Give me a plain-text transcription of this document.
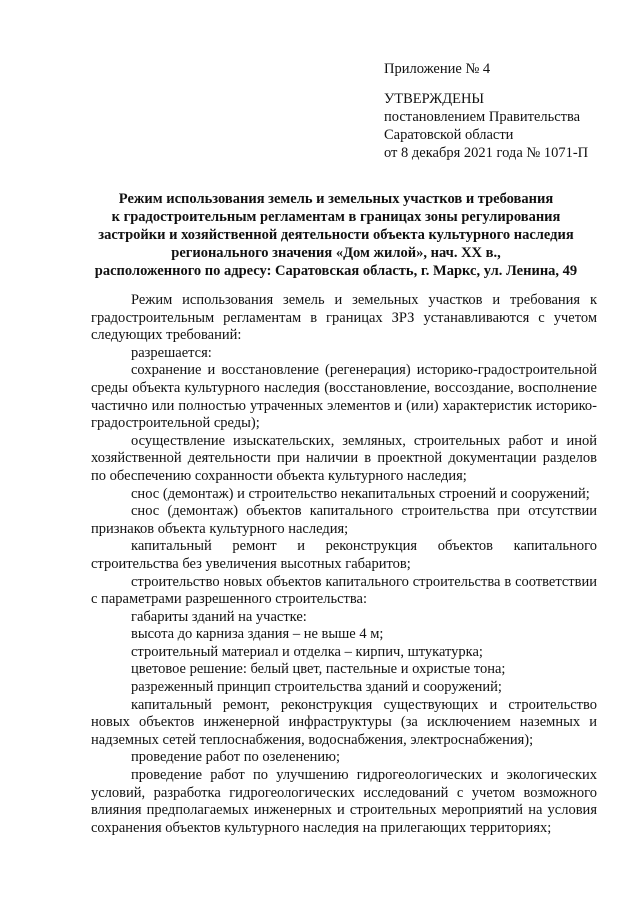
Приложение № 4
УТВЕРЖДЕНЫ
постановлением Правительства
Саратовской области
от 8 декабря 2021 года № 1071-П
Режим использования земель и земельных участков и требования
к градостроительным регламентам в границах зоны регулирования
застройки и хозяйственной деятельности объекта культурного наследия
регионального значения «Дом жилой», нач. XX в.,
расположенного по адресу: Саратовская область, г. Маркс, ул. Ленина, 49

Режим использования земель и земельных участков и требования к градостроительным регламентам в границах ЗРЗ устанавливаются с учетом следующих требований:

разрешается:

сохранение и восстановление (регенерация) историко-градостроительной среды объекта культурного наследия (восстановление, воссоздание, восполнение частично или полностью утраченных элементов и (или) характеристик историко-градостроительной среды);

осуществление изыскательских, земляных, строительных работ и иной хозяйственной деятельности при наличии в проектной документации разделов по обеспечению сохранности объекта культурного наследия;

снос (демонтаж) и строительство некапитальных строений и сооружений;

снос (демонтаж) объектов капитального строительства при отсутствии признаков объекта культурного наследия;

капитальный ремонт и реконструкция объектов капитального строительства без увеличения высотных габаритов;

строительство новых объектов капитального строительства в соответствии с параметрами разрешенного строительства:

габариты зданий на участке:

высота до карниза здания – не выше 4 м;

строительный материал и отделка – кирпич, штукатурка;

цветовое решение: белый цвет, пастельные и охристые тона;

разреженный принцип строительства зданий и сооружений;

капитальный ремонт, реконструкция существующих и строительство новых объектов инженерной инфраструктуры (за исключением наземных и надземных сетей теплоснабжения, водоснабжения, электроснабжения);

проведение работ по озеленению;

проведение работ по улучшению гидрогеологических и экологических условий, разработка гидрогеологических исследований с учетом возможного влияния предполагаемых инженерных и строительных мероприятий на условия сохранения объектов культурного наследия на прилегающих территориях;
